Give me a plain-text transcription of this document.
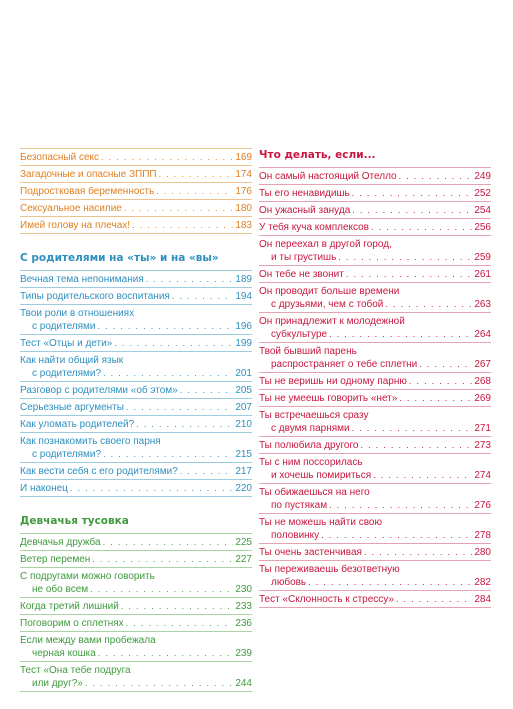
Безопасный секс . . .	169
Загадочные и опасные ЗППП . . .	174
Подростковая беременность . . .	176
Сексуальное насилие . . .	180
Имей голову на плечах! . . .	183
С родителями на «ты» и на «вы»
Вечная тема непонимания . . .	189
Типы родительского воспитания . . .	194
Твои роли в отношениях
с родителями . . .	196
Тест «Отцы и дети» . . .	199
Как найти общий язык
с родителями? . . .	201
Разговор с родителями «об этом» . . .	205
Серьезные аргументы . . .	207
Как уломать родителей? . . .	210
Как познакомить своего парня
с родителями? . . .	215
Как вести себя с его родителями? . . .	217
И наконец . . .	220
Девчачья тусовка
Девчачья дружба . . .	225
Ветер перемен . . .	227
С подругами можно говорить
не обо всем . . .	230
Когда третий лишний . . .	233
Поговорим о сплетнях . . .	236
Если между вами пробежала
черная кошка . . .	239
Тест «Она тебе подруга
или друг?» . . .	244
Что делать, если...
Он самый настоящий Отелло . . .	249
Ты его ненавидишь . . .	252
Он ужасный зануда . . .	254
У тебя куча комплексов . . .	256
Он переехал в другой город,
и ты грустишь . . .	259
Он тебе не звонит . . .	261
Он проводит больше времени
с друзьями, чем с тобой . . .	263
Он принадлежит к молодежной
субкультуре . . .	264
Твой бывший парень
распространяет о тебе сплетни . . .	267
Ты не веришь ни одному парню . . .	268
Ты не умеешь говорить «нет» . . .	269
Ты встречаешься сразу
с двумя парнями . . .	271
Ты полюбила другого . . .	273
Ты с ним поссорилась
и хочешь помириться . . .	274
Ты обижаешься на него
по пустякам . . .	276
Ты не можешь найти свою
половинку . . .	278
Ты очень застенчивая . . .	280
Ты переживаешь безответную
любовь . . .	282
Тест «Склонность к стрессу» . . .	284
